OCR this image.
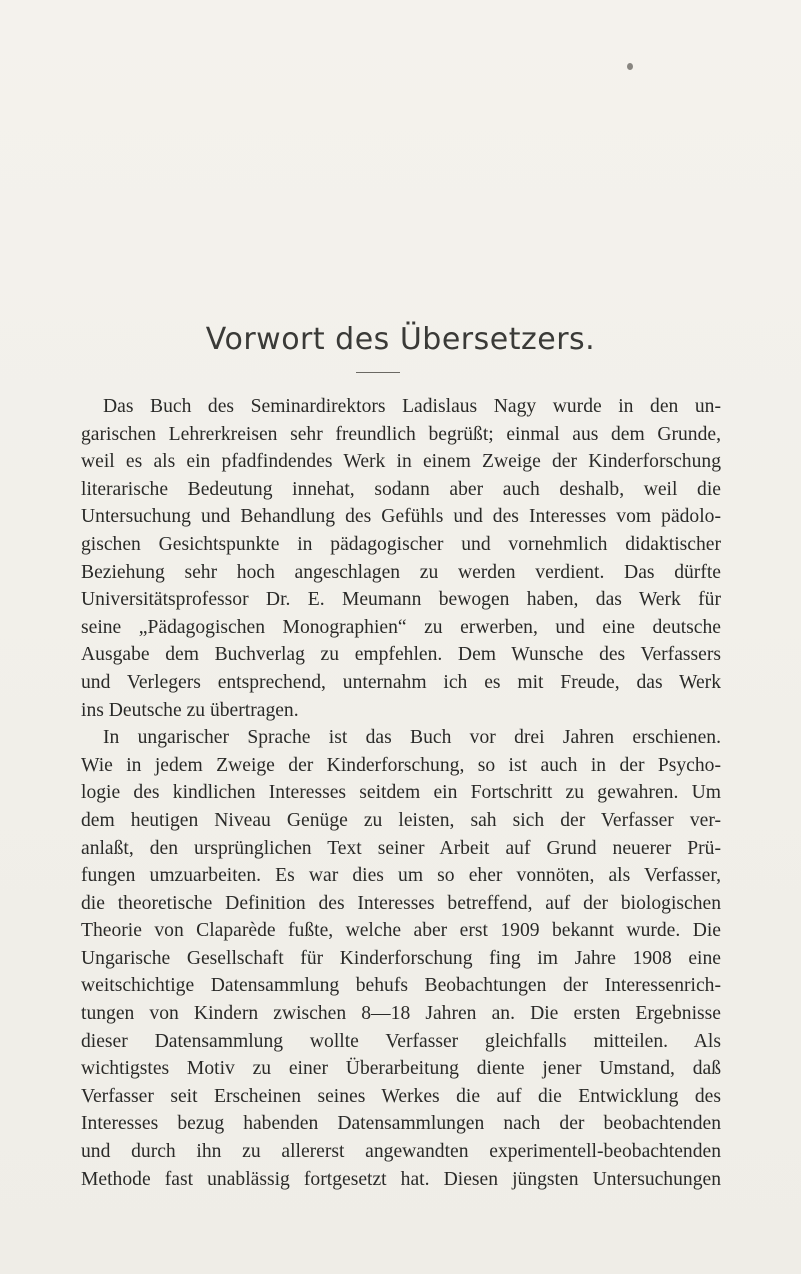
Vorwort des Übersetzers.
Das Buch des Seminardirektors Ladislaus Nagy wurde in den un-
garischen Lehrerkreisen sehr freundlich begrüßt; einmal aus dem Grunde,
weil es als ein pfadfindendes Werk in einem Zweige der Kinderforschung
literarische Bedeutung innehat, sodann aber auch deshalb, weil die
Untersuchung und Behandlung des Gefühls und des Interesses vom pädolo-
gischen Gesichtspunkte in pädagogischer und vornehmlich didaktischer
Beziehung sehr hoch angeschlagen zu werden verdient. Das dürfte
Universitätsprofessor Dr. E. Meumann bewogen haben, das Werk für
seine „Pädagogischen Monographien“ zu erwerben, und eine deutsche
Ausgabe dem Buchverlag zu empfehlen. Dem Wunsche des Verfassers
und Verlegers entsprechend, unternahm ich es mit Freude, das Werk
ins Deutsche zu übertragen.
In ungarischer Sprache ist das Buch vor drei Jahren erschienen.
Wie in jedem Zweige der Kinderforschung, so ist auch in der Psycho-
logie des kindlichen Interesses seitdem ein Fortschritt zu gewahren. Um
dem heutigen Niveau Genüge zu leisten, sah sich der Verfasser ver-
anlaßt, den ursprünglichen Text seiner Arbeit auf Grund neuerer Prü-
fungen umzuarbeiten. Es war dies um so eher vonnöten, als Verfasser,
die theoretische Definition des Interesses betreffend, auf der biologischen
Theorie von Claparède fußte, welche aber erst 1909 bekannt wurde. Die
Ungarische Gesellschaft für Kinderforschung fing im Jahre 1908 eine
weitschichtige Datensammlung behufs Beobachtungen der Interessenrich-
tungen von Kindern zwischen 8—18 Jahren an. Die ersten Ergebnisse
dieser Datensammlung wollte Verfasser gleichfalls mitteilen. Als
wichtigstes Motiv zu einer Überarbeitung diente jener Umstand, daß
Verfasser seit Erscheinen seines Werkes die auf die Entwicklung des
Interesses bezug habenden Datensammlungen nach der beobachtenden
und durch ihn zu allererst angewandten experimentell-beobachtenden
Methode fast unablässig fortgesetzt hat. Diesen jüngsten Untersuchungen
